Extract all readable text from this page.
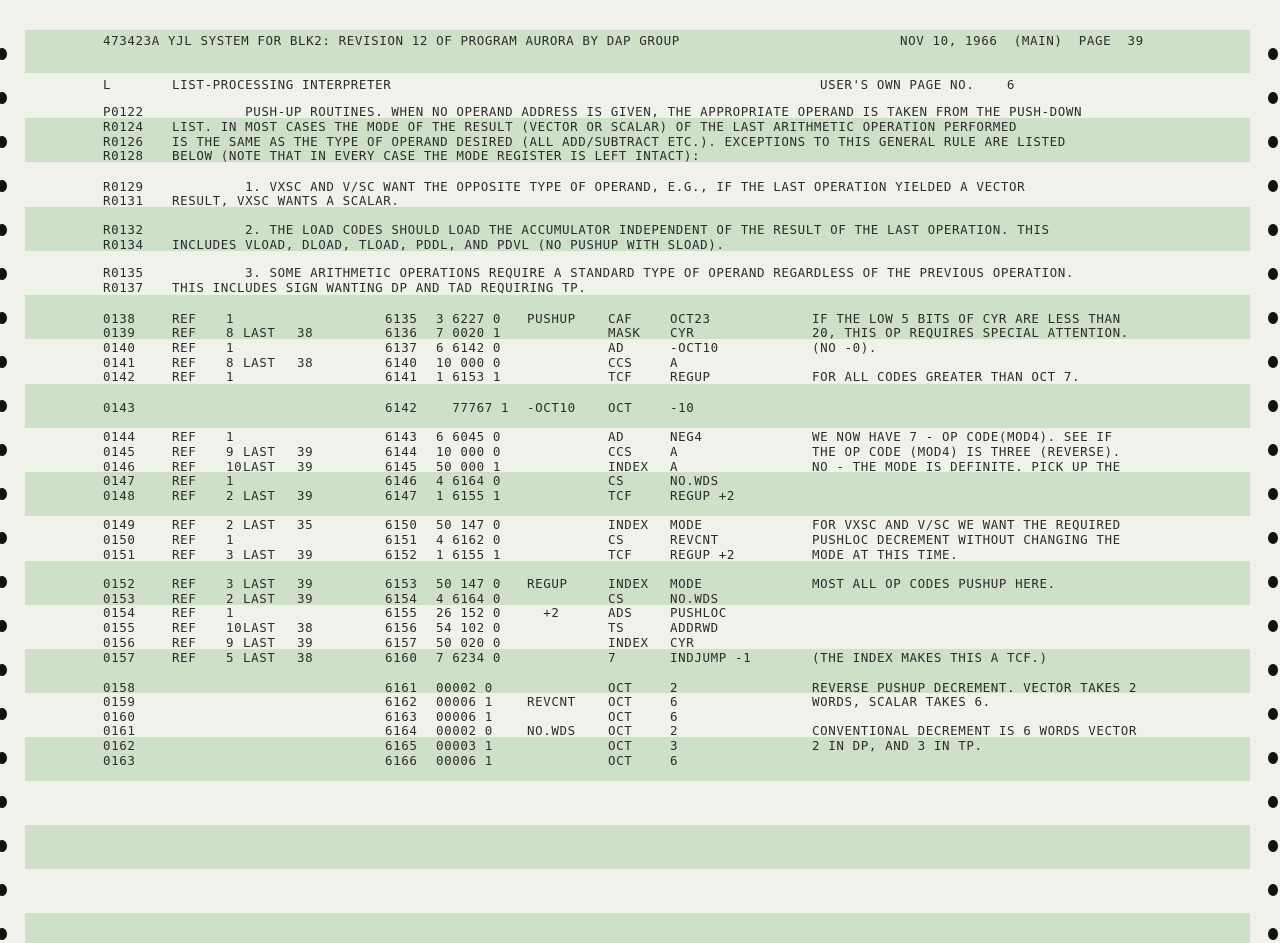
473423A YJL SYSTEM FOR BLK2: REVISION 12 OF PROGRAM AURORA BY DAP GROUP	NOV 10, 1966  (MAIN)  PAGE  39
L	LIST-PROCESSING INTERPRETER	USER'S OWN PAGE NO.    6
P0122 PUSH-UP ROUTINES. WHEN NO OPERAND ADDRESS IS GIVEN, THE APPROPRIATE OPERAND IS TAKEN FROM THE PUSH-DOWN
R0124 LIST. IN MOST CASES THE MODE OF THE RESULT (VECTOR OR SCALAR) OF THE LAST ARITHMETIC OPERATION PERFORMED
R0126 IS THE SAME AS THE TYPE OF OPERAND DESIRED (ALL ADD/SUBTRACT ETC.). EXCEPTIONS TO THIS GENERAL RULE ARE LISTED
R0128 BELOW (NOTE THAT IN EVERY CASE THE MODE REGISTER IS LEFT INTACT):
R0129 1. VXSC AND V/SC WANT THE OPPOSITE TYPE OF OPERAND, E.G., IF THE LAST OPERATION YIELDED A VECTOR
R0131 RESULT, VXSC WANTS A SCALAR.
R0132 2. THE LOAD CODES SHOULD LOAD THE ACCUMULATOR INDEPENDENT OF THE RESULT OF THE LAST OPERATION. THIS
R0134 INCLUDES VLOAD, DLOAD, TLOAD, PDDL, AND PDVL (NO PUSHUP WITH SLOAD).
R0135 3. SOME ARITHMETIC OPERATIONS REQUIRE A STANDARD TYPE OF OPERAND REGARDLESS OF THE PREVIOUS OPERATION.
R0137 THIS INCLUDES SIGN WANTING DP AND TAD REQUIRING TP.
0138	REF 1	6135 3 6227 0 PUSHUP	CAF	OCT23	IF THE LOW 5 BITS OF CYR ARE LESS THAN
0139	REF 8 LAST 38	6136 7 0020 1	MASK CYR	20, THIS OP REQUIRES SPECIAL ATTENTION.
0140	REF 1	6137 6 6142 0	AD	-OCT10	(NO -0).
0141	REF 8 LAST 38	6140 10 000 0	CCS	A
0142	REF 1	6141 1 6153 1	TCF	REGUP	FOR ALL CODES GREATER THAN OCT 7.
0143	6142 77767 1 -OCT10	OCT	-10
0144	REF 1	6143 6 6045 0	AD	NEG4	WE NOW HAVE 7 - OP CODE(MOD4). SEE IF
0145	REF 9 LAST 39	6144 10 000 0	CCS	A	THE OP CODE (MOD4) IS THREE (REVERSE).
0146	REF 10 LAST 39	6145 50 000 1	INDEX A	NO - THE MODE IS DEFINITE. PICK UP THE
0147	REF 1	6146 4 6164 0	CS	NO.WDS
0148	REF 2 LAST 39	6147 1 6155 1	TCF	REGUP +2
0149	REF 2 LAST 35	6150 50 147 0	INDEX MODE	FOR VXSC AND V/SC WE WANT THE REQUIRED
0150	REF 1	6151 4 6162 0	CS	REVCNT	PUSHLOC DECREMENT WITHOUT CHANGING THE
0151	REF 3 LAST 39	6152 1 6155 1	TCF	REGUP +2	MODE AT THIS TIME.
0152	REF 3 LAST 39	6153 50 147 0 REGUP	INDEX MODE	MOST ALL OP CODES PUSHUP HERE.
0153	REF 2 LAST 39	6154 4 6164 0	CS	NO.WDS
0154	REF 1	6155 26 152 0 +2	ADS	PUSHLOC
0155	REF 10 LAST 38	6156 54 102 0	TS	ADDRWD
0156	REF 9 LAST 39	6157 50 020 0	INDEX CYR
0157	REF 5 LAST 38	6160 7 6234 0	7	INDJUMP -1	(THE INDEX MAKES THIS A TCF.)
0158	6161 00002 0	OCT	2	REVERSE PUSHUP DECREMENT. VECTOR TAKES 2
0159	6162 00006 1	REVCNT	OCT	6	WORDS, SCALAR TAKES 6.
0160	6163 00006 1	OCT	6
0161	6164 00002 0	NO.WDS	OCT	2	CONVENTIONAL DECREMENT IS 6 WORDS VECTOR
0162	6165 00003 1	OCT	3	2 IN DP, AND 3 IN TP.
0163	6166 00006 1	OCT	6
